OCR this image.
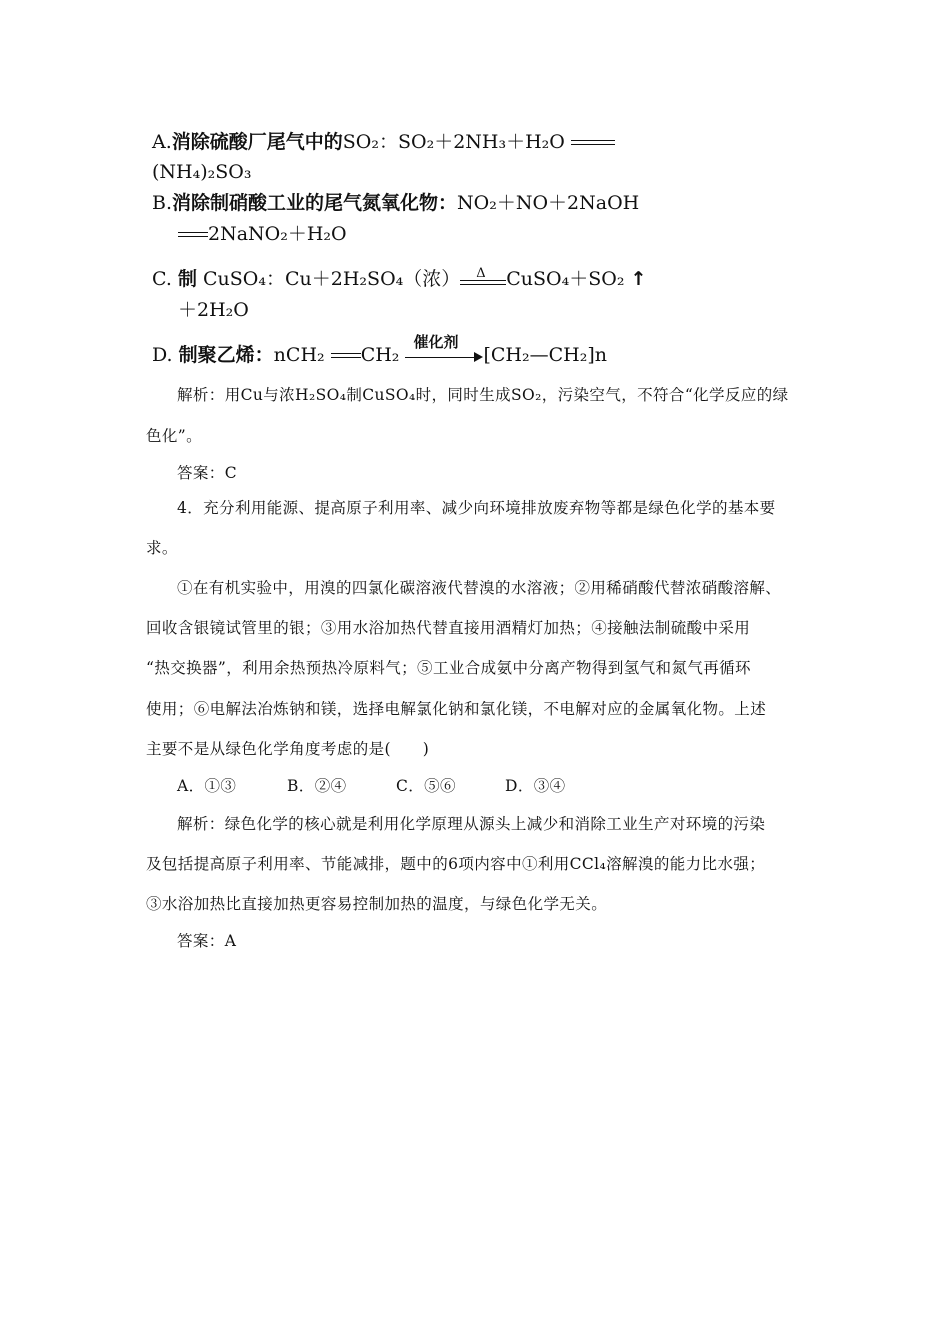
A.消除硫酸厂尾气中的SO₂：SO₂＋2NH₃＋H₂O
(NH₄)₂SO₃
B.消除制硝酸工业的尾气氮氧化物：NO₂＋NO＋2NaOH
2NaNO₂＋H₂O
C. 制 CuSO₄：Cu＋2H₂SO₄（浓） Δ CuSO₄＋SO₂ ↑
＋2H₂O
D. 制聚乙烯：nCH₂ CH₂
催化剂
[CH₂—CH₂]n
解析：用Cu与浓H₂SO₄制CuSO₄时，同时生成SO₂，污染空气，不符合“化学反应的绿
色化”。
答案：C
4．充分利用能源、提高原子利用率、减少向环境排放废弃物等都是绿色化学的基本要
求。
①在有机实验中，用溴的四氯化碳溶液代替溴的水溶液；②用稀硝酸代替浓硝酸溶解、
回收含银镜试管里的银；③用水浴加热代替直接用酒精灯加热；④接触法制硫酸中采用
“热交换器”，利用余热预热冷原料气；⑤工业合成氨中分离产物得到氢气和氮气再循环
使用；⑥电解法冶炼钠和镁，选择电解氯化钠和氯化镁，不电解对应的金属氧化物。上述
主要不是从绿色化学角度考虑的是(　　)
A．①③	B．②④	C．⑤⑥	D．③④
解析：绿色化学的核心就是利用化学原理从源头上减少和消除工业生产对环境的污染
及包括提高原子利用率、节能减排，题中的6项内容中①利用CCl₄溶解溴的能力比水强；
③水浴加热比直接加热更容易控制加热的温度，与绿色化学无关。
答案：A
